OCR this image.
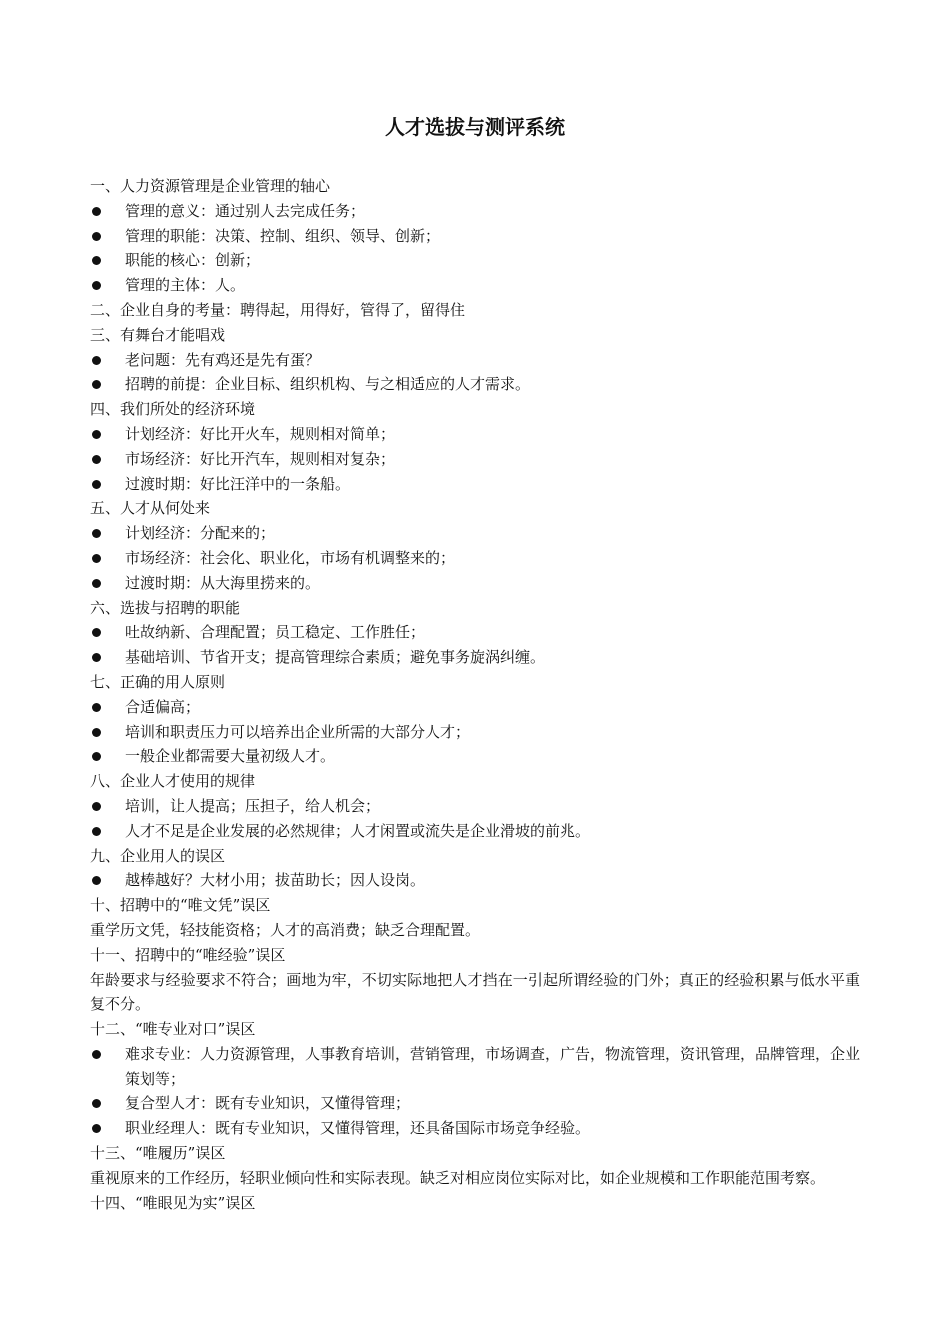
人才选拔与测评系统

一、人力资源管理是企业管理的轴心

管理的意义：通过别人去完成任务；
管理的职能：决策、控制、组织、领导、创新；
职能的核心：创新；
管理的主体：人。

二、企业自身的考量：聘得起，用得好，管得了，留得住

三、有舞台才能唱戏

老问题：先有鸡还是先有蛋？
招聘的前提：企业目标、组织机构、与之相适应的人才需求。

四、我们所处的经济环境

计划经济：好比开火车，规则相对简单；
市场经济：好比开汽车，规则相对复杂；
过渡时期：好比汪洋中的一条船。

五、人才从何处来

计划经济：分配来的；
市场经济：社会化、职业化，市场有机调整来的；
过渡时期：从大海里捞来的。

六、选拔与招聘的职能

吐故纳新、合理配置；员工稳定、工作胜任；
基础培训、节省开支；提高管理综合素质；避免事务旋涡纠缠。

七、正确的用人原则

合适偏高；
培训和职责压力可以培养出企业所需的大部分人才；
一般企业都需要大量初级人才。

八、企业人才使用的规律

培训，让人提高；压担子，给人机会；
人才不足是企业发展的必然规律；人才闲置或流失是企业滑坡的前兆。

九、企业用人的误区

越棒越好？大材小用；拔苗助长；因人设岗。

十、招聘中的“唯文凭”误区

重学历文凭，轻技能资格；人才的高消费；缺乏合理配置。

十一、招聘中的“唯经验”误区

年龄要求与经验要求不符合；画地为牢，不切实际地把人才挡在一引起所谓经验的门外；真正的经验积累与低水平重复不分。

十二、“唯专业对口”误区

难求专业：人力资源管理，人事教育培训，营销管理，市场调查，广告，物流管理，资讯管理，品牌管理，企业策划等；
复合型人才：既有专业知识，又懂得管理；
职业经理人：既有专业知识，又懂得管理，还具备国际市场竞争经验。

十三、“唯履历”误区

重视原来的工作经历，轻职业倾向性和实际表现。缺乏对相应岗位实际对比，如企业规模和工作职能范围考察。

十四、“唯眼见为实”误区
